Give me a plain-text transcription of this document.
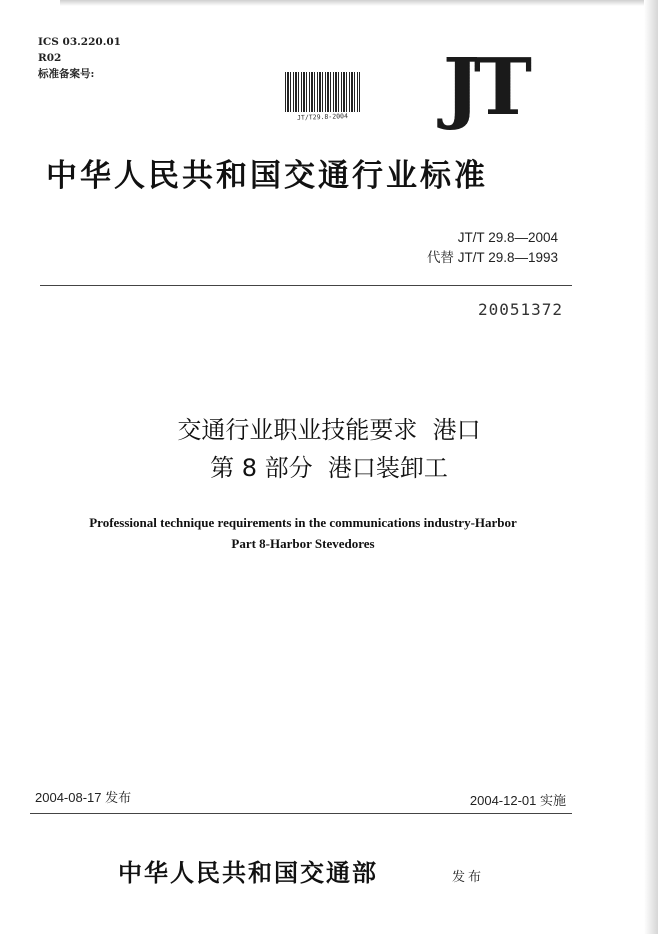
ICS 03.220.01
R02
标准备案号:
JT/T29.8-2004 JT
中华人民共和国交通行业标准
JT/T 29.8—2004
代替 JT/T 29.8—1993
20051372
交通行业职业技能要求  港口
第 8 部分  港口装卸工
Professional technique requirements in the communications industry-Harbor
Part 8-Harbor Stevedores
2004-08-17 发布	2004-12-01 实施
中华人民共和国交通部	发布
